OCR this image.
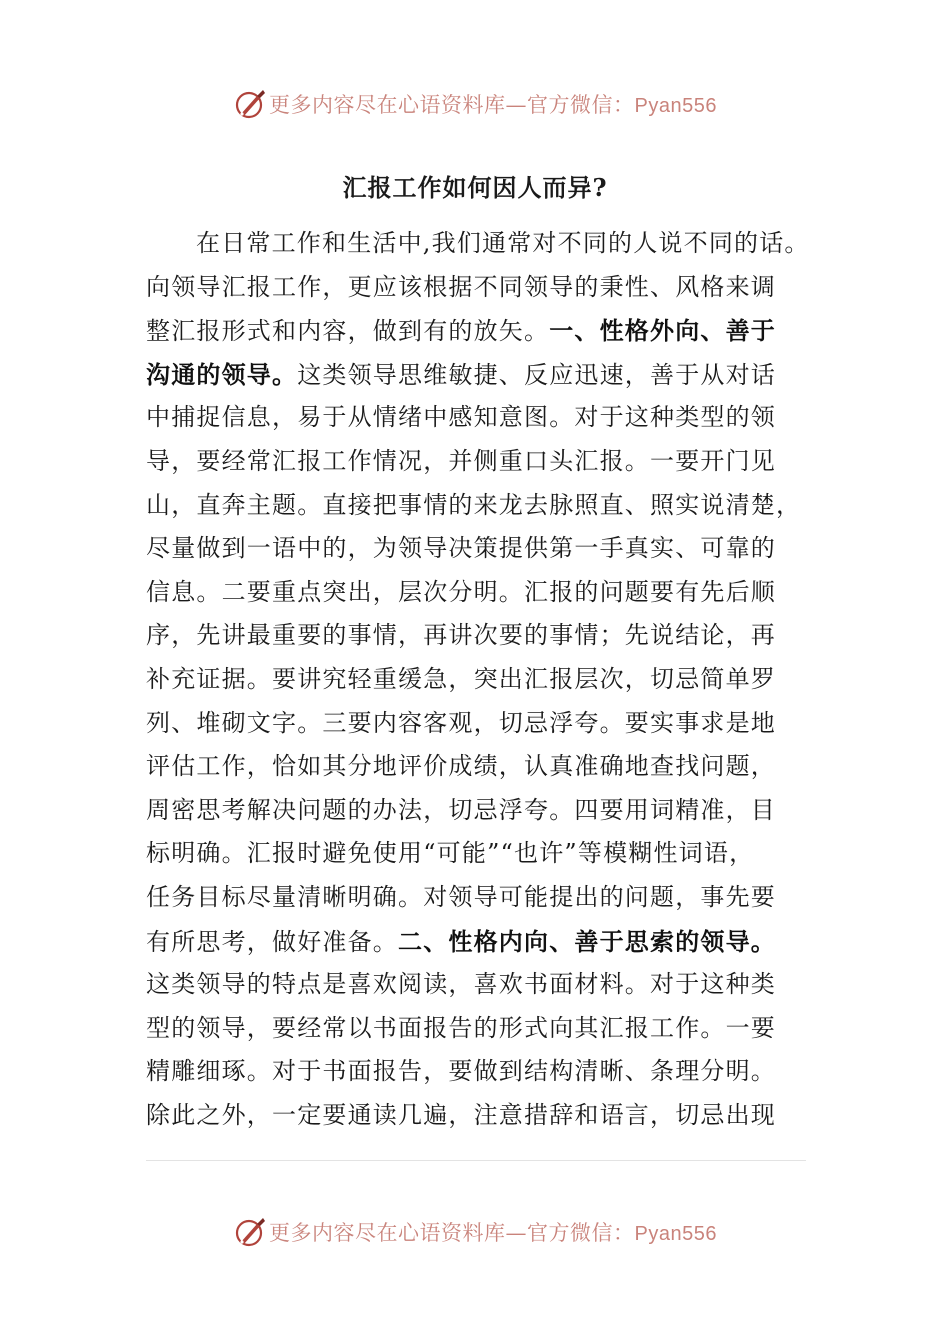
更多内容尽在心语资料库—官方微信：Pyan556
汇报工作如何因人而异?
在日常工作和生活中,我们通常对不同的人说不同的话。
向领导汇报工作，更应该根据不同领导的秉性、风格来调
整汇报形式和内容，做到有的放矢。一、性格外向、善于
沟通的领导。这类领导思维敏捷、反应迅速，善于从对话
中捕捉信息，易于从情绪中感知意图。对于这种类型的领
导，要经常汇报工作情况，并侧重口头汇报。一要开门见
山，直奔主题。直接把事情的来龙去脉照直、照实说清楚，
尽量做到一语中的，为领导决策提供第一手真实、可靠的
信息。二要重点突出，层次分明。汇报的问题要有先后顺
序，先讲最重要的事情，再讲次要的事情；先说结论，再
补充证据。要讲究轻重缓急，突出汇报层次，切忌简单罗
列、堆砌文字。三要内容客观，切忌浮夸。要实事求是地
评估工作，恰如其分地评价成绩，认真准确地查找问题，
周密思考解决问题的办法，切忌浮夸。四要用词精准，目
标明确。汇报时避免使用“可能”“也许”等模糊性词语，
任务目标尽量清晰明确。对领导可能提出的问题，事先要
有所思考，做好准备。二、性格内向、善于思索的领导。
这类领导的特点是喜欢阅读，喜欢书面材料。对于这种类
型的领导，要经常以书面报告的形式向其汇报工作。一要
精雕细琢。对于书面报告，要做到结构清晰、条理分明。
除此之外，一定要通读几遍，注意措辞和语言，切忌出现
更多内容尽在心语资料库—官方微信：Pyan556
